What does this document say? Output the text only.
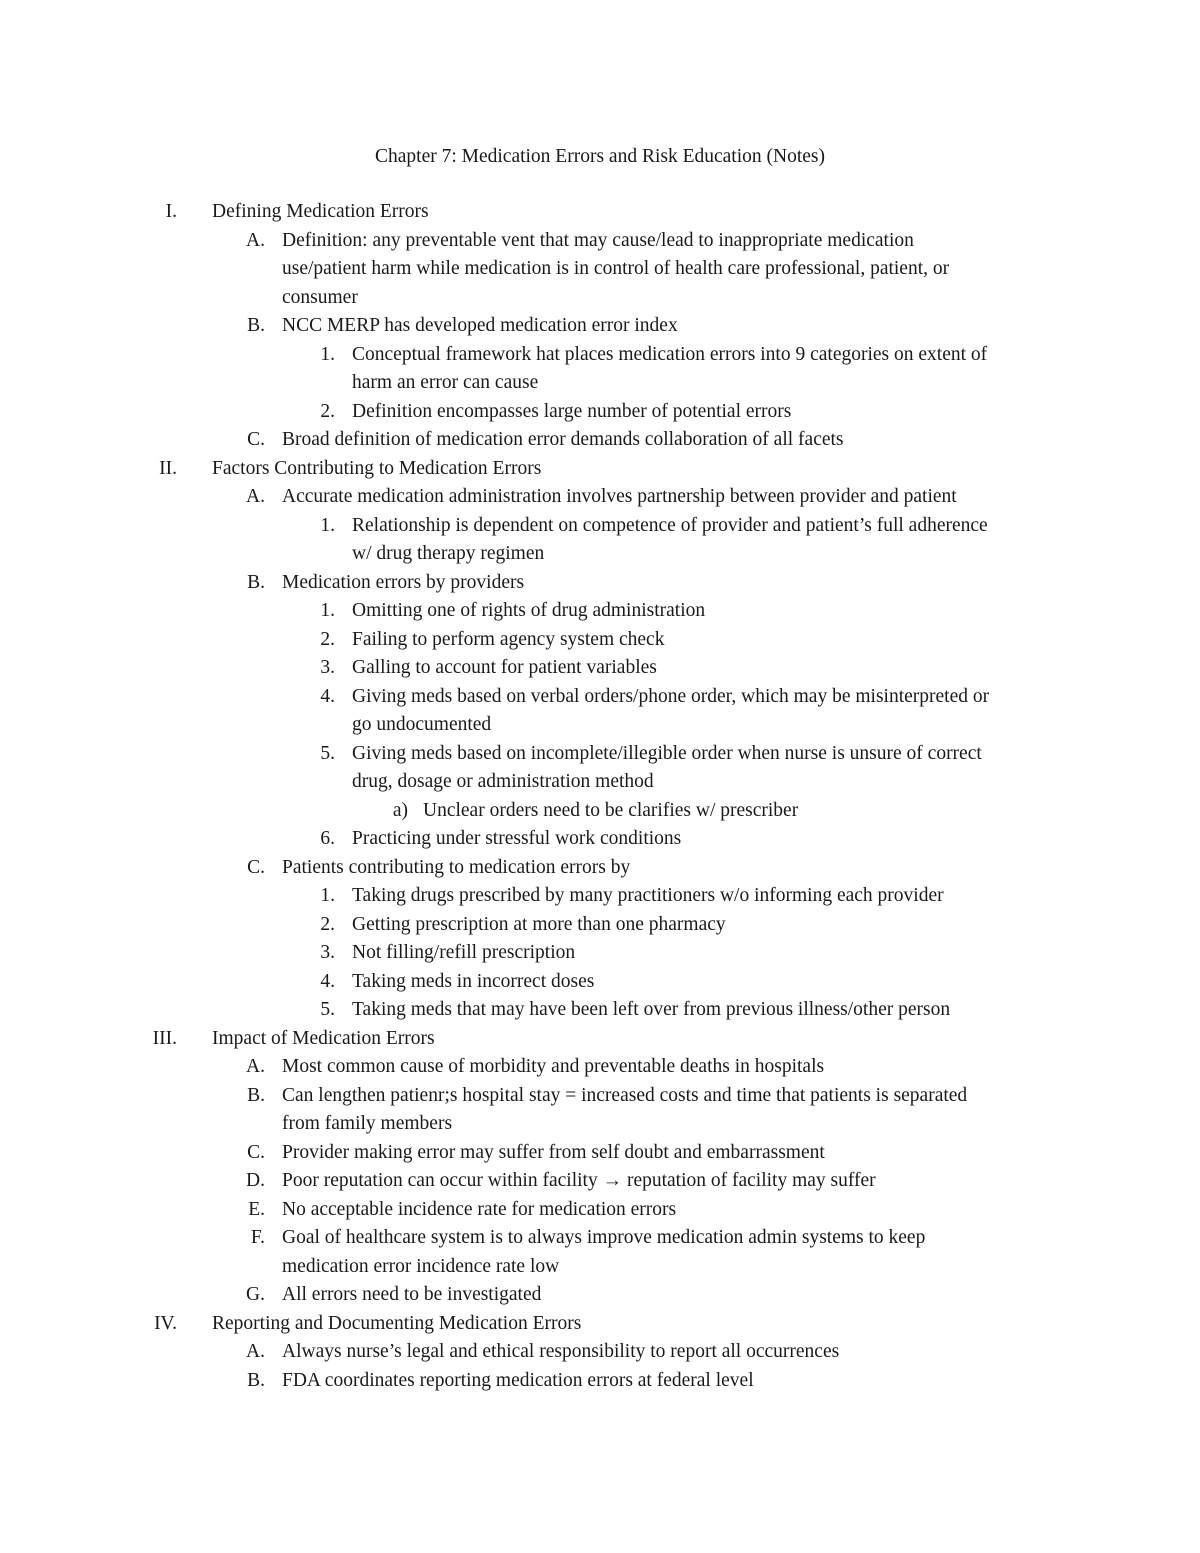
Chapter 7: Medication Errors and Risk Education (Notes)
I. Defining Medication Errors
A. Definition: any preventable vent that may cause/lead to inappropriate medication
use/patient harm while medication is in control of health care professional, patient, or
consumer
B. NCC MERP has developed medication error index
1. Conceptual framework hat places medication errors into 9 categories on extent of
harm an error can cause
2. Definition encompasses large number of potential errors
C. Broad definition of medication error demands collaboration of all facets
II. Factors Contributing to Medication Errors
A. Accurate medication administration involves partnership between provider and patient
1. Relationship is dependent on competence of provider and patient’s full adherence
w/ drug therapy regimen
B. Medication errors by providers
1. Omitting one of rights of drug administration
2. Failing to perform agency system check
3. Galling to account for patient variables
4. Giving meds based on verbal orders/phone order, which may be misinterpreted or
go undocumented
5. Giving meds based on incomplete/illegible order when nurse is unsure of correct
drug, dosage or administration method
a) Unclear orders need to be clarifies w/ prescriber
6. Practicing under stressful work conditions
C. Patients contributing to medication errors by
1. Taking drugs prescribed by many practitioners w/o informing each provider
2. Getting prescription at more than one pharmacy
3. Not filling/refill prescription
4. Taking meds in incorrect doses
5. Taking meds that may have been left over from previous illness/other person
III. Impact of Medication Errors
A. Most common cause of morbidity and preventable deaths in hospitals
B. Can lengthen patienr;s hospital stay = increased costs and time that patients is separated
from family members
C. Provider making error may suffer from self doubt and embarrassment
D. Poor reputation can occur within facility → reputation of facility may suffer
E. No acceptable incidence rate for medication errors
F. Goal of healthcare system is to always improve medication admin systems to keep
medication error incidence rate low
G. All errors need to be investigated
IV. Reporting and Documenting Medication Errors
A. Always nurse’s legal and ethical responsibility to report all occurrences
B. FDA coordinates reporting medication errors at federal level
